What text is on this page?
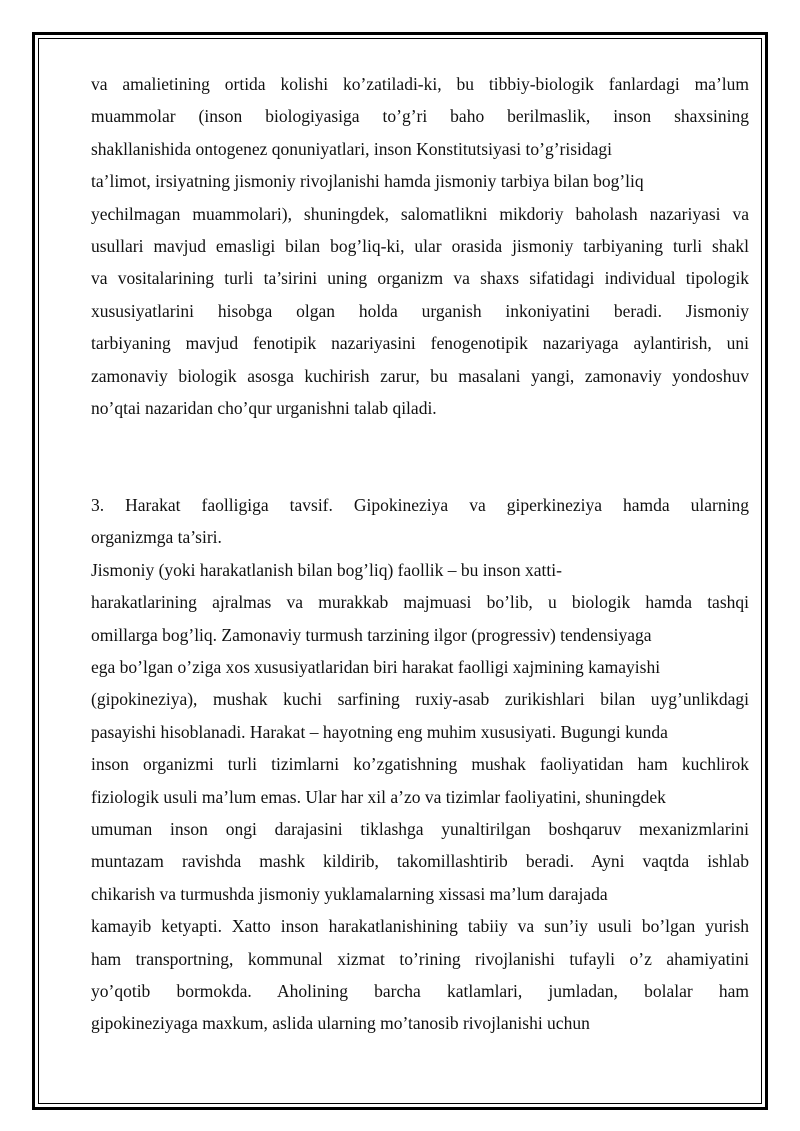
va amalietining ortida kolishi ko’zatiladi-ki, bu tibbiy-biologik fanlardagi ma’lum
muammolar (inson biologiyasiga to’g’ri baho berilmaslik, inson shaxsining
shakllanishida ontogenez qonuniyatlari, inson Konstitutsiyasi to’g’risidagi
ta’limot, irsiyatning jismoniy rivojlanishi hamda jismoniy tarbiya bilan bog’liq
yechilmagan muammolari), shuningdek, salomatlikni mikdoriy baholash nazariyasi va
usullari mavjud emasligi bilan bog’liq-ki, ular orasida jismoniy tarbiyaning turli shakl
va vositalarining turli ta’sirini uning organizm va shaxs sifatidagi individual tipologik
xususiyatlarini hisobga olgan holda urganish inkoniyatini beradi. Jismoniy
tarbiyaning mavjud fenotipik nazariyasini fenogenotipik nazariyaga aylantirish, uni
zamonaviy biologik asosga kuchirish zarur, bu masalani yangi, zamonaviy yondoshuv
no’qtai nazaridan cho’qur urganishni talab qiladi.
3. Harakat faolligiga tavsif. Gipokineziya va giperkineziya hamda ularning
organizmga ta’siri.
Jismoniy (yoki harakatlanish bilan bog’liq) faollik – bu inson xatti-
harakatlarining ajralmas va murakkab majmuasi bo’lib, u biologik hamda tashqi
omillarga bog’liq. Zamonaviy turmush tarzining ilgor (progressiv) tendensiyaga
ega bo’lgan o’ziga xos xususiyatlaridan biri harakat faolligi xajmining kamayishi
(gipokineziya), mushak kuchi sarfining ruxiy-asab zurikishlari bilan uyg’unlikdagi
pasayishi hisoblanadi. Harakat – hayotning eng muhim xususiyati. Bugungi kunda
inson organizmi turli tizimlarni ko’zgatishning mushak faoliyatidan ham kuchlirok
fiziologik usuli ma’lum emas. Ular har xil a’zo va tizimlar faoliyatini, shuningdek
umuman inson ongi darajasini tiklashga yunaltirilgan boshqaruv mexanizmlarini
muntazam ravishda mashk kildirib, takomillashtirib beradi. Ayni vaqtda ishlab
chikarish va turmushda jismoniy yuklamalarning xissasi ma’lum darajada
kamayib ketyapti. Xatto inson harakatlanishining tabiiy va sun’iy usuli bo’lgan yurish
ham transportning, kommunal xizmat to’rining rivojlanishi tufayli o’z ahamiyatini
yo’qotib bormokda. Aholining barcha katlamlari, jumladan, bolalar ham
gipokineziyaga maxkum, aslida ularning mo’tanosib rivojlanishi uchun
